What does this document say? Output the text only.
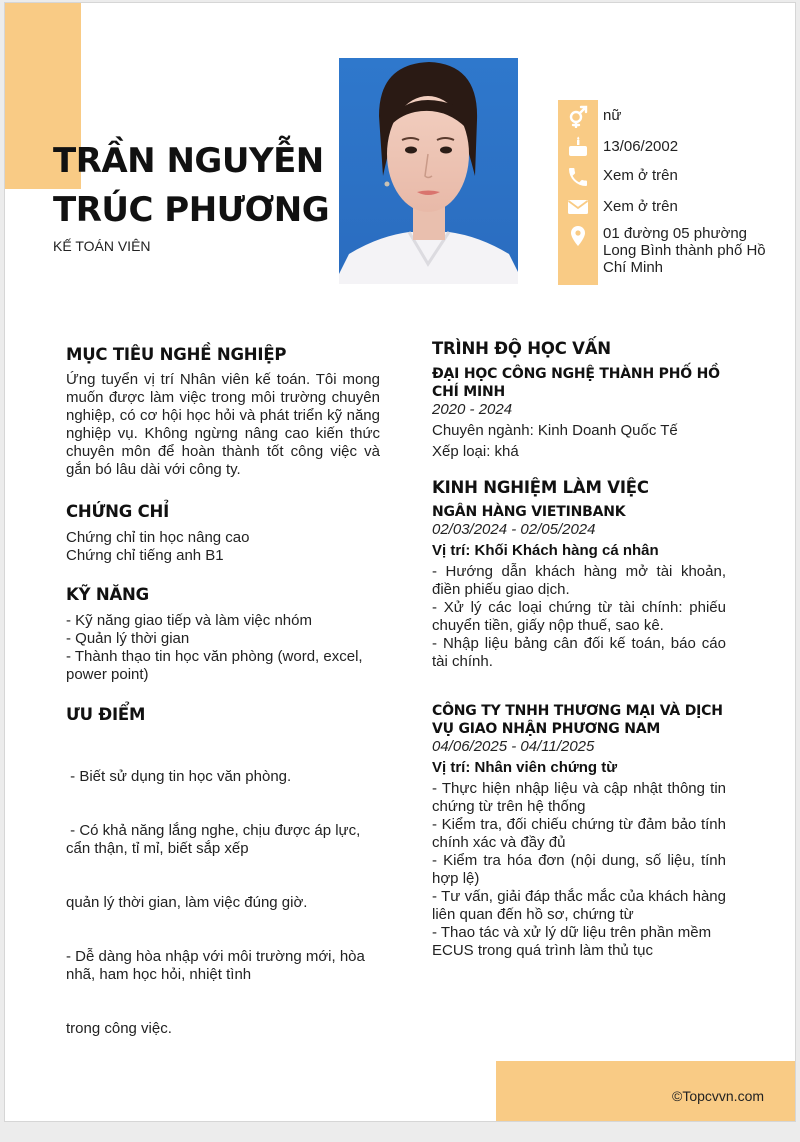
TRẦN NGUYỄN
TRÚC PHƯƠNG
KẾ TOÁN VIÊN
nữ
13/06/2002
Xem ở trên
Xem ở trên
01 đường 05 phường
Long Bình thành phố Hồ
Chí Minh
MỤC TIÊU NGHỀ NGHIỆP
Ứng tuyển vị trí Nhân viên kế toán. Tôi mong muốn được làm việc trong môi trường chuyên nghiệp, có cơ hội học hỏi và phát triển kỹ năng nghiệp vụ. Không ngừng nâng cao kiến thức chuyên môn để hoàn thành tốt công việc và gắn bó lâu dài với công ty.
CHỨNG CHỈ
Chứng chỉ tin học nâng cao
Chứng chỉ tiếng anh B1
KỸ NĂNG
- Kỹ năng giao tiếp và làm việc nhóm
- Quản lý thời gian
- Thành thạo tin học văn phòng (word, excel, power point)
ƯU ĐIỂM

- Biết sử dụng tin học văn phòng.

- Có khả năng lắng nghe, chịu được áp lực, cẩn thận, tỉ mỉ, biết sắp xếp

quản lý thời gian, làm việc đúng giờ.

- Dễ dàng hòa nhập với môi trường mới, hòa nhã, ham học hỏi, nhiệt tình

trong công việc.

TRÌNH ĐỘ HỌC VẤN
ĐẠI HỌC CÔNG NGHỆ THÀNH PHỐ HỒ CHÍ MINH
2020 - 2024
Chuyên ngành: Kinh Doanh Quốc Tế
Xếp loại: khá
KINH NGHIỆM LÀM VIỆC
NGÂN HÀNG VIETINBANK
02/03/2024 - 02/05/2024
Vị trí: Khối Khách hàng cá nhân
- Hướng dẫn khách hàng mở tài khoản, điền phiếu giao dịch.
- Xử lý các loại chứng từ tài chính: phiếu chuyển tiền, giấy nộp thuế, sao kê.
- Nhập liệu bảng cân đối kế toán, báo cáo tài chính.
CÔNG TY TNHH THƯƠNG MẠI VÀ DỊCH VỤ GIAO NHẬN PHƯƠNG NAM
04/06/2025 - 04/11/2025
Vị trí: Nhân viên chứng từ
- Thực hiện nhập liệu và cập nhật thông tin chứng từ trên hệ thống
- Kiểm tra, đối chiếu chứng từ đảm bảo tính chính xác và đầy đủ
- Kiểm tra hóa đơn (nội dung, số liệu, tính hợp lệ)
- Tư vấn, giải đáp thắc mắc của khách hàng liên quan đến hồ sơ, chứng từ
- Thao tác và xử lý dữ liệu trên phần mềm ECUS trong quá trình làm thủ tục
©Topcvvn.com
